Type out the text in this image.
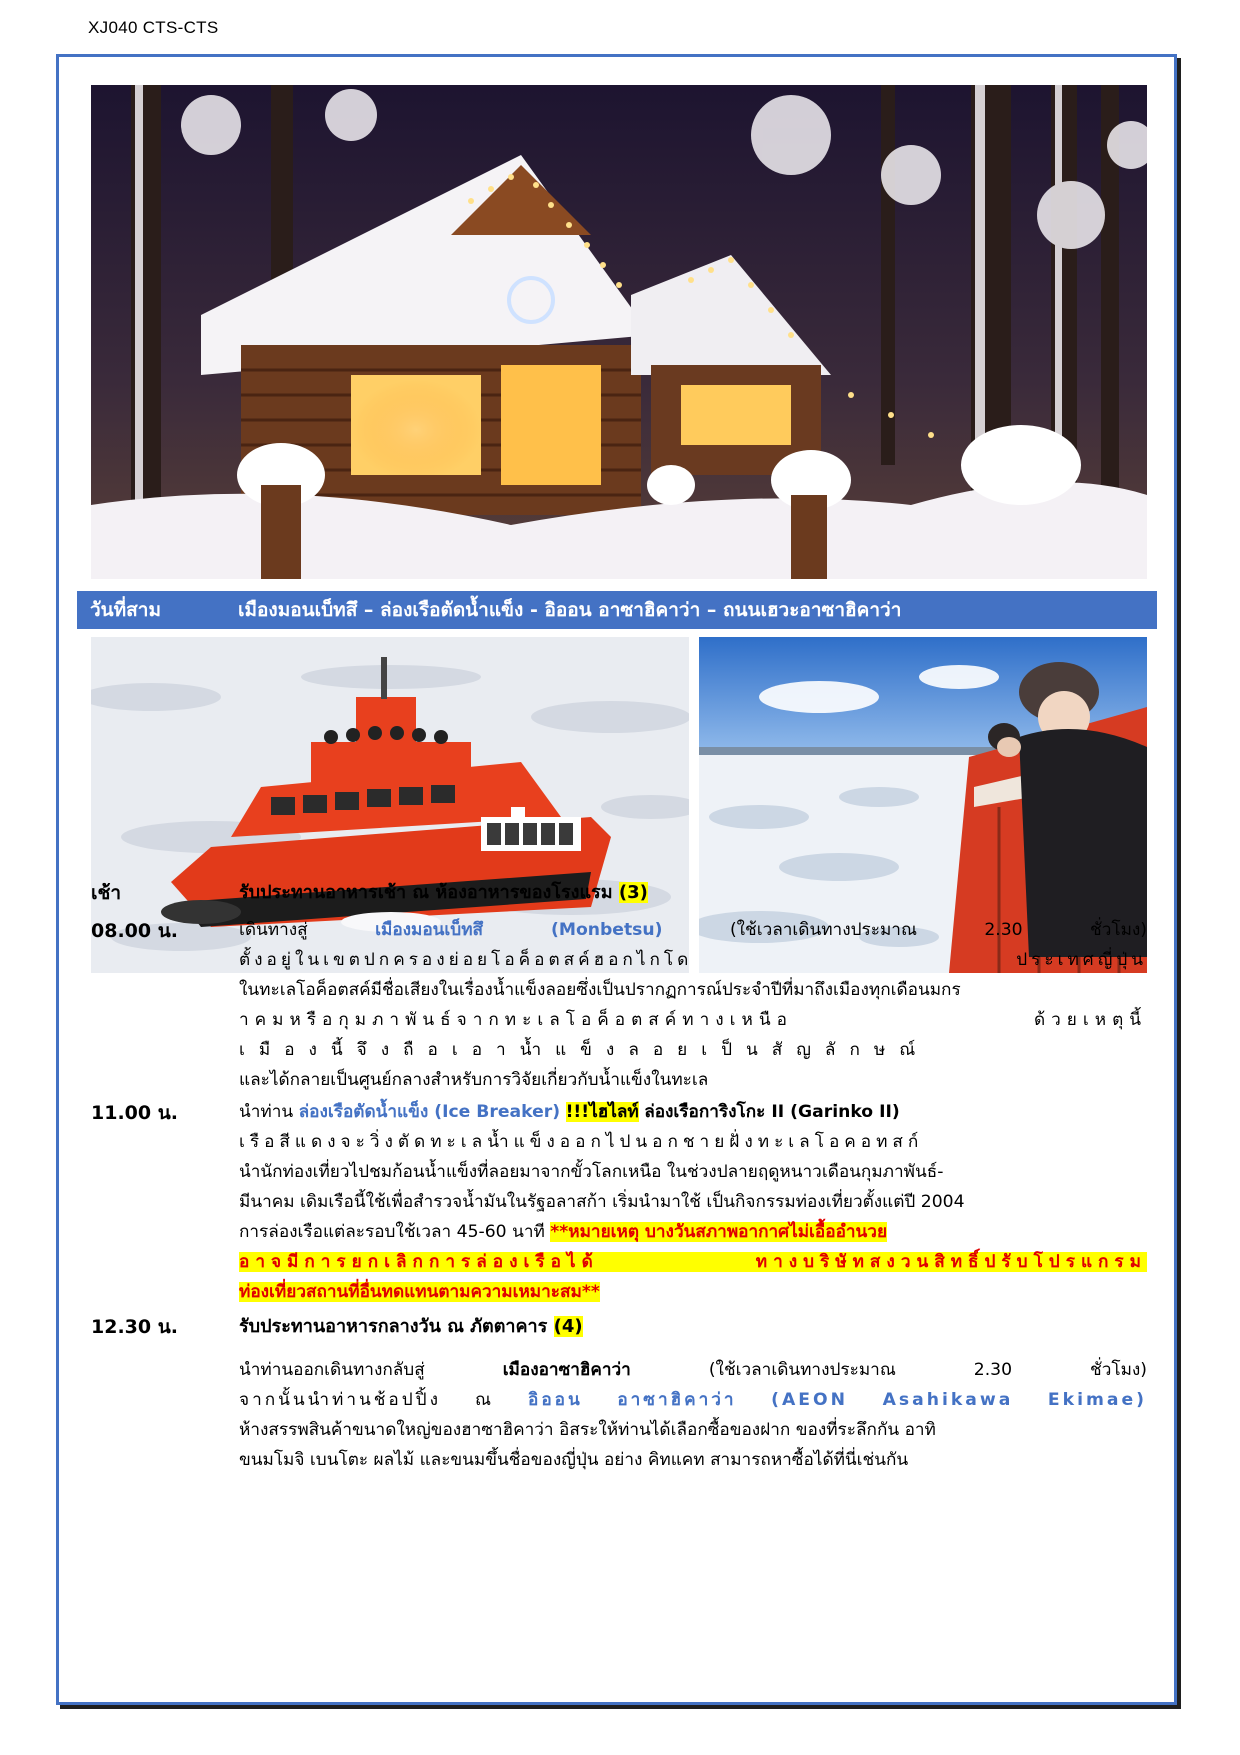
XJ040 CTS-CTS
วันที่สาม	เมืองมอนเบ็ทสึ – ล่องเรือตัดน้ำแข็ง - อิออน อาซาฮิคาว่า – ถนนเฮวะอาซาฮิคาว่า
เช้า	รับประทานอาหารเช้า ณ ห้องอาหารของโรงแรม (3)
08.00 น.	เดินทางสู่	เมืองมอนเบ็ทสึ (Monbetsu)	(ใช้เวลาเดินทางประมาณ 2.30 ชั่วโมง)
ตั้งอยู่ในเขตปกครองย่อยโอค็อตสค์ฮอกไกโด ประเทศญี่ปุ่น
ในทะเลโอค็อตสค์มีชื่อเสียงในเรื่องน้ำแข็งลอยซึ่งเป็นปรากฏการณ์ประจำปีที่มาถึงเมืองทุกเดือนมกร
าคมหรือกุมภาพันธ์จากทะเลโอค็อตสค์ทางเหนือ ด้วยเหตุนี้
เมืองนี้จึงถือเอาน้ำแข็งลอยเป็นสัญลักษณ์
และได้กลายเป็นศูนย์กลางสำหรับการวิจัยเกี่ยวกับน้ำแข็งในทะเล
11.00 น.	นำท่าน ล่องเรือตัดน้ำแข็ง (Ice Breaker) !!!ไฮไลท์ ล่องเรือการิงโกะ II (Garinko II)
เรือสีแดงจะวิ่งตัดทะเลน้ำแข็งออกไปนอกชายฝั่งทะเลโอคอทสก์
นำนักท่องเที่ยวไปชมก้อนน้ำแข็งที่ลอยมาจากขั้วโลกเหนือ ในช่วงปลายฤดูหนาวเดือนกุมภาพันธ์-
มีนาคม เดิมเรือนี้ใช้เพื่อสำรวจน้ำมันในรัฐอลาสก้า เริ่มนำมาใช้ เป็นกิจกรรมท่องเที่ยวตั้งแต่ปี 2004
การล่องเรือแต่ละรอบใช้เวลา 45-60 นาที **หมายเหตุ บางวันสภาพอากาศไม่เอื้ออำนวย
อาจมีการยกเลิกการล่องเรือได้ ทางบริษัทสงวนสิทธิ์ปรับโปรแกรม
ท่องเที่ยวสถานที่อื่นทดแทนตามความเหมาะสม**
12.30 น.	รับประทานอาหารกลางวัน ณ ภัตตาคาร (4)
นำท่านออกเดินทางกลับสู่	เมืองอาซาฮิคาว่า	(ใช้เวลาเดินทางประมาณ 2.30 ชั่วโมง)
จากนั้นนำท่านช้อปปิ้ง ณ อิออน อาซาฮิคาว่า (AEON Asahikawa Ekimae)
ห้างสรรพสินค้าขนาดใหญ่ของฮาซาฮิคาว่า อิสระให้ท่านได้เลือกซื้อของฝาก ของที่ระลึกกัน อาทิ
ขนมโมจิ เบนโตะ ผลไม้ และขนมขึ้นชื่อของญี่ปุ่น อย่าง คิทแคท สามารถหาซื้อได้ที่นี่เช่นกัน
